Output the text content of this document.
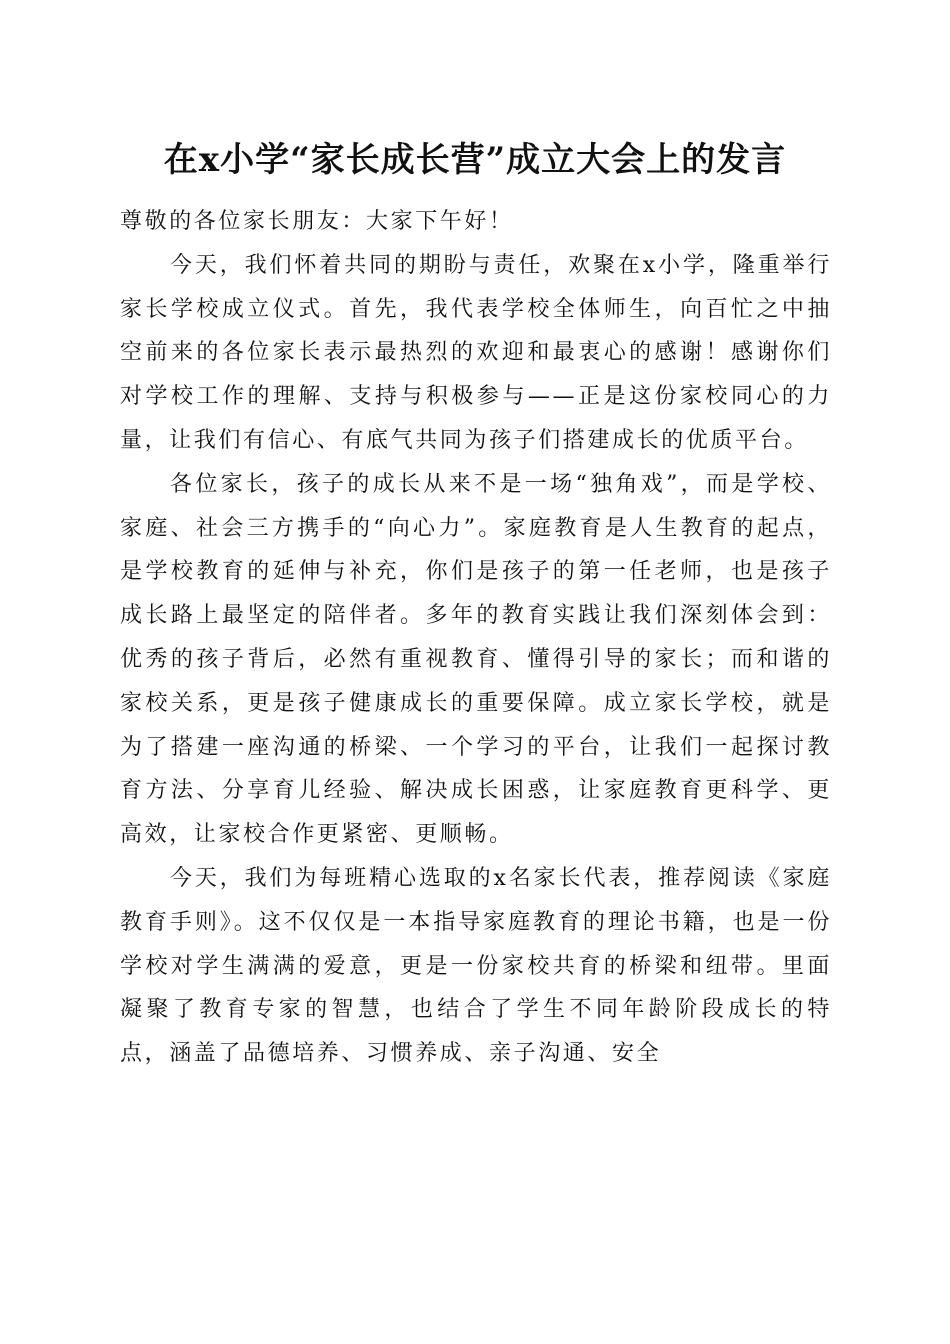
在x小学“家长成长营”成立大会上的发言

尊敬的各位家长朋友：大家下午好！

今天，我们怀着共同的期盼与责任，欢聚在x小学，隆重举行家长学校成立仪式。首先，我代表学校全体师生，向百忙之中抽空前来的各位家长表示最热烈的欢迎和最衷心的感谢！感谢你们对学校工作的理解、支持与积极参与——正是这份家校同心的力量，让我们有信心、有底气共同为孩子们搭建成长的优质平台。

各位家长，孩子的成长从来不是一场“独角戏”，而是学校、家庭、社会三方携手的“向心力”。家庭教育是人生教育的起点，是学校教育的延伸与补充，你们是孩子的第一任老师，也是孩子成长路上最坚定的陪伴者。多年的教育实践让我们深刻体会到：优秀的孩子背后，必然有重视教育、懂得引导的家长；而和谐的家校关系，更是孩子健康成长的重要保障。成立家长学校，就是为了搭建一座沟通的桥梁、一个学习的平台，让我们一起探讨教育方法、分享育儿经验、解决成长困惑，让家庭教育更科学、更高效，让家校合作更紧密、更顺畅。

今天，我们为每班精心选取的x名家长代表，推荐阅读《家庭教育手则》。这不仅仅是一本指导家庭教育的理论书籍，也是一份学校对学生满满的爱意，更是一份家校共育的桥梁和纽带。里面凝聚了教育专家的智慧，也结合了学生不同年龄阶段成长的特点，涵盖了品德培养、习惯养成、亲子沟通、安全
